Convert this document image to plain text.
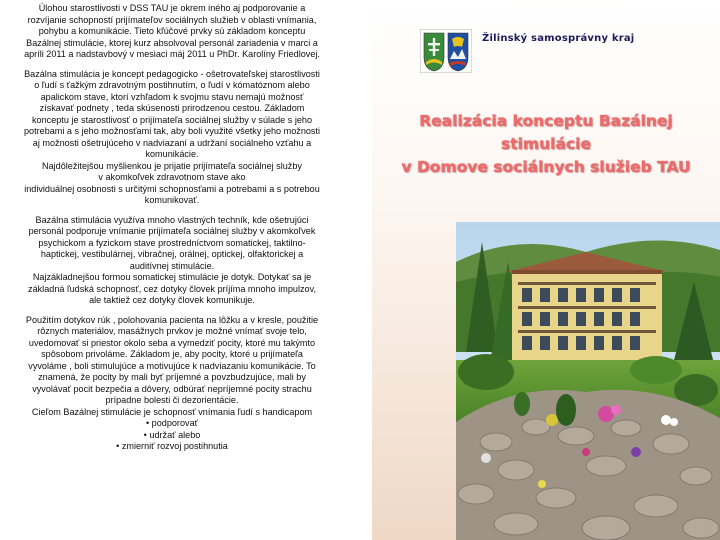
Úlohou starostlivosti v DSS TAU je okrem iného aj podporovanie a
rozvíjanie schopností prijímateľov sociálnych služieb v oblasti vnímania,
pohybu a komunikácie. Tieto kľúčové prvky sú základom konceptu
Bazálnej stimulácie, ktorej kurz absolvoval personál zariadenia v marci a
apríli 2011 a nadstavbový v mesiaci máj 2011 u PhDr. Karolíny Friedlovej.

Bazálna stimulácia je koncept pedagogicko - ošetrovateľskej starostlivosti
o ľudí s ťažkým zdravotným postihnutím, o ľudí v kómatóznom alebo
apalickom stave, ktorí vzhľadom k svojmu stavu nemajú možnosť
získavať podnety , teda skúsenosti prirodzenou cestou. Základom
konceptu je starostlivosť o prijímateľa sociálnej služby v súlade s jeho
potrebami a s jeho možnosťami tak, aby boli využité všetky jeho možnosti
aj možnosti ošetrujúceho v nadviazaní a udržaní sociálneho vzťahu a
komunikácie.
Najdôležitejšou myšlienkou je prijatie prijímateľa sociálnej služby
v akomkoľvek zdravotnom stave ako
individuálnej osobnosti s určitými schopnosťami a potrebami a s potrebou
komunikovať.

Bazálna stimulácia využíva mnoho vlastných techník, kde ošetrujúci
personál podporuje vnímanie prijímateľa sociálnej služby v akomkoľvek
psychickom a fyzickom stave prostredníctvom somatickej, taktilno-
haptickej, vestibulárnej, vibračnej, orálnej, optickej, olfaktorickej a
auditívnej stimulácie.
Najzákladnejšou formou somatickej stimulácie je dotyk. Dotykať sa je
základná ľudská schopnosť, cez dotyky človek príjíma mnoho impulzov,
ale taktiež cez dotyky človek komunikuje.

Použitím dotykov rúk , polohovania pacienta na lôžku a v kresle, použitie
rôznych materiálov, masážnych prvkov je možné vnímať svoje telo,
uvedomovať si priestor okolo seba a vymedziť pocity, ktoré mu takýmto
spôsobom privoláme. Základom je, aby pocity, ktoré u prijímateľa
vyvoláme , boli stimulujúce a motivujúce k nadviazaniu komunikácie. To
znamená, že pocity by mali byť príjemné a povzbudzujúce, mali by
vyvolávať pocit bezpečia a dôvery, odbúrať nepríjemné pocity strachu
prípadne bolesti či dezorientácie.
Cieľom Bazálnej stimulácie je schopnosť vnímania ľudí s handicapom
• podporovať
• udržať alebo
• zmierniť rozvoj postihnutia

Žilinský samosprávny kraj
Realizácia konceptu Bazálnej
stimulácie
v Domove sociálnych služieb TAU
